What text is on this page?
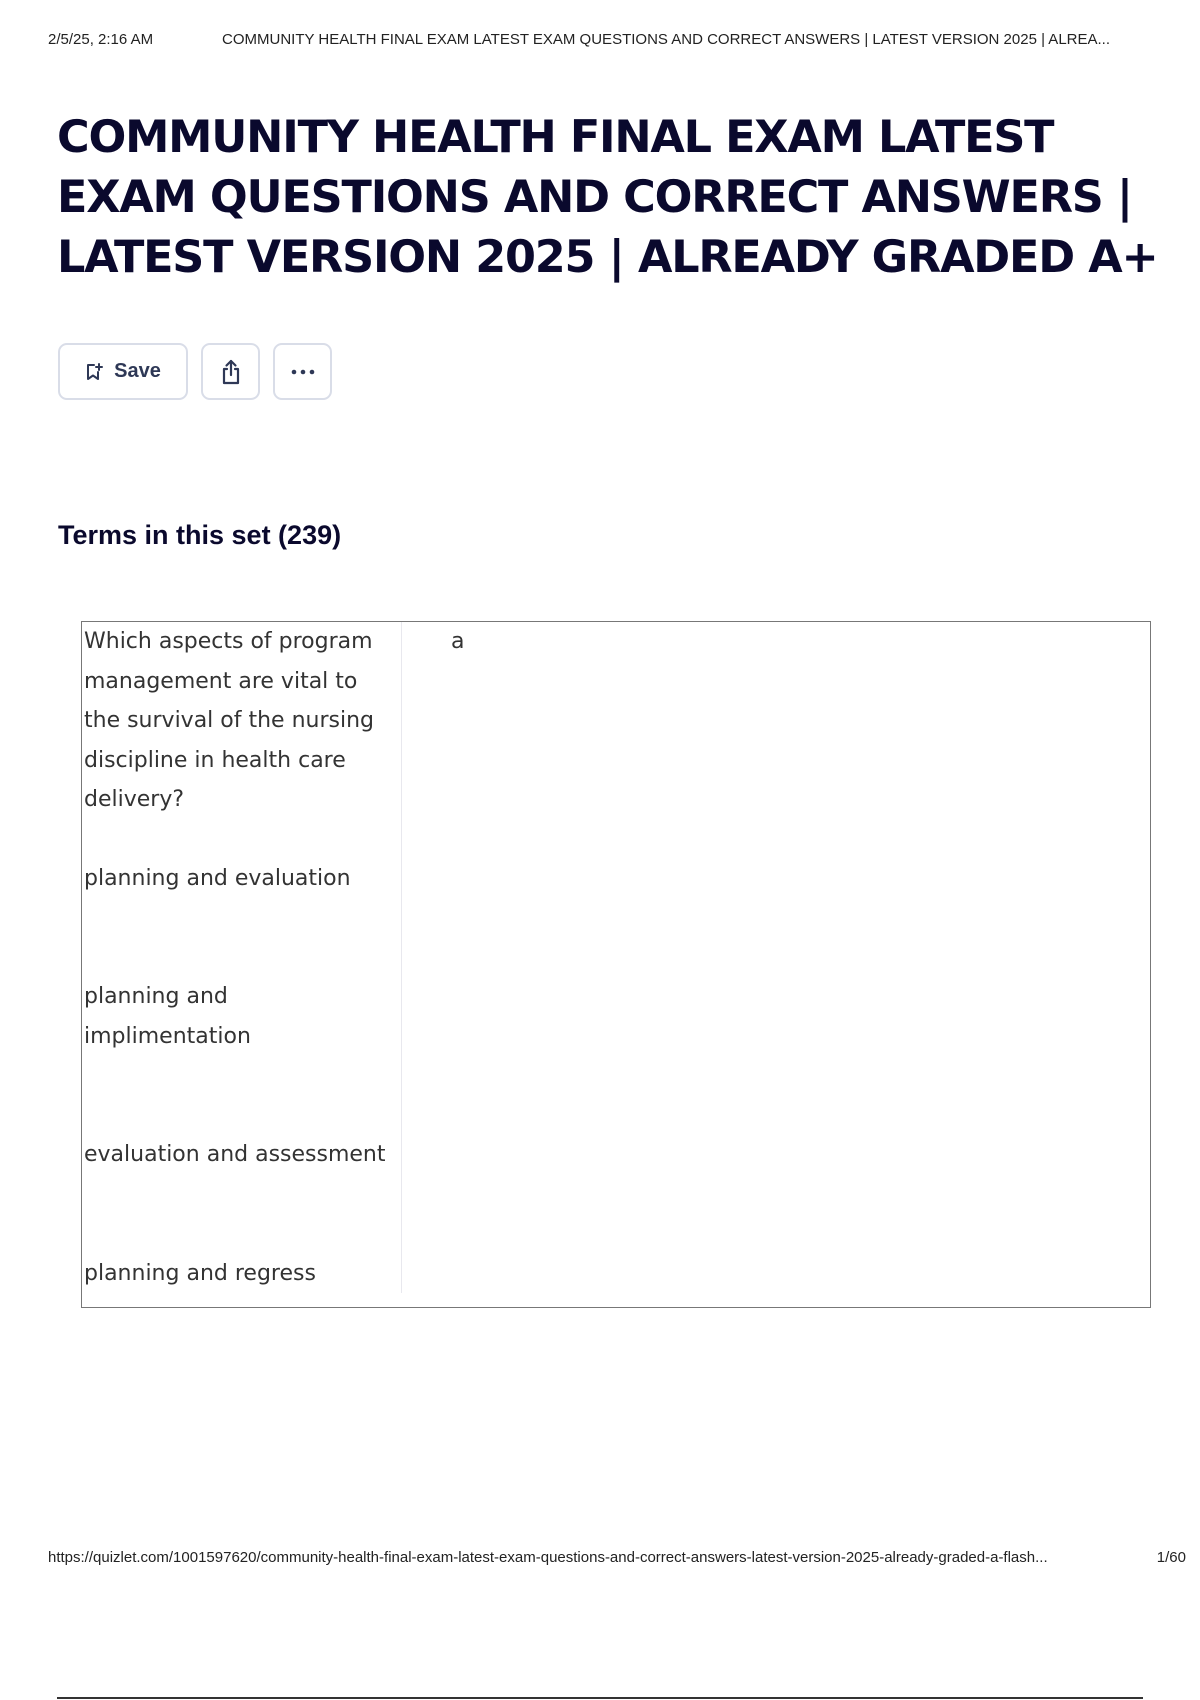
2/5/25, 2:16 AM	COMMUNITY HEALTH FINAL EXAM LATEST EXAM QUESTIONS AND CORRECT ANSWERS | LATEST VERSION 2025 | ALREA...
COMMUNITY HEALTH FINAL EXAM LATEST
EXAM QUESTIONS AND CORRECT ANSWERS |
LATEST VERSION 2025 | ALREADY GRADED A+
Save
Terms in this set (239)
Which aspects of program
management are vital to
the survival of the nursing
discipline in health care
delivery?
planning and evaluation
planning and
implimentation
evaluation and assessment
planning and regress
a
https://quizlet.com/1001597620/community-health-final-exam-latest-exam-questions-and-correct-answers-latest-version-2025-already-graded-a-flash...	1/60
